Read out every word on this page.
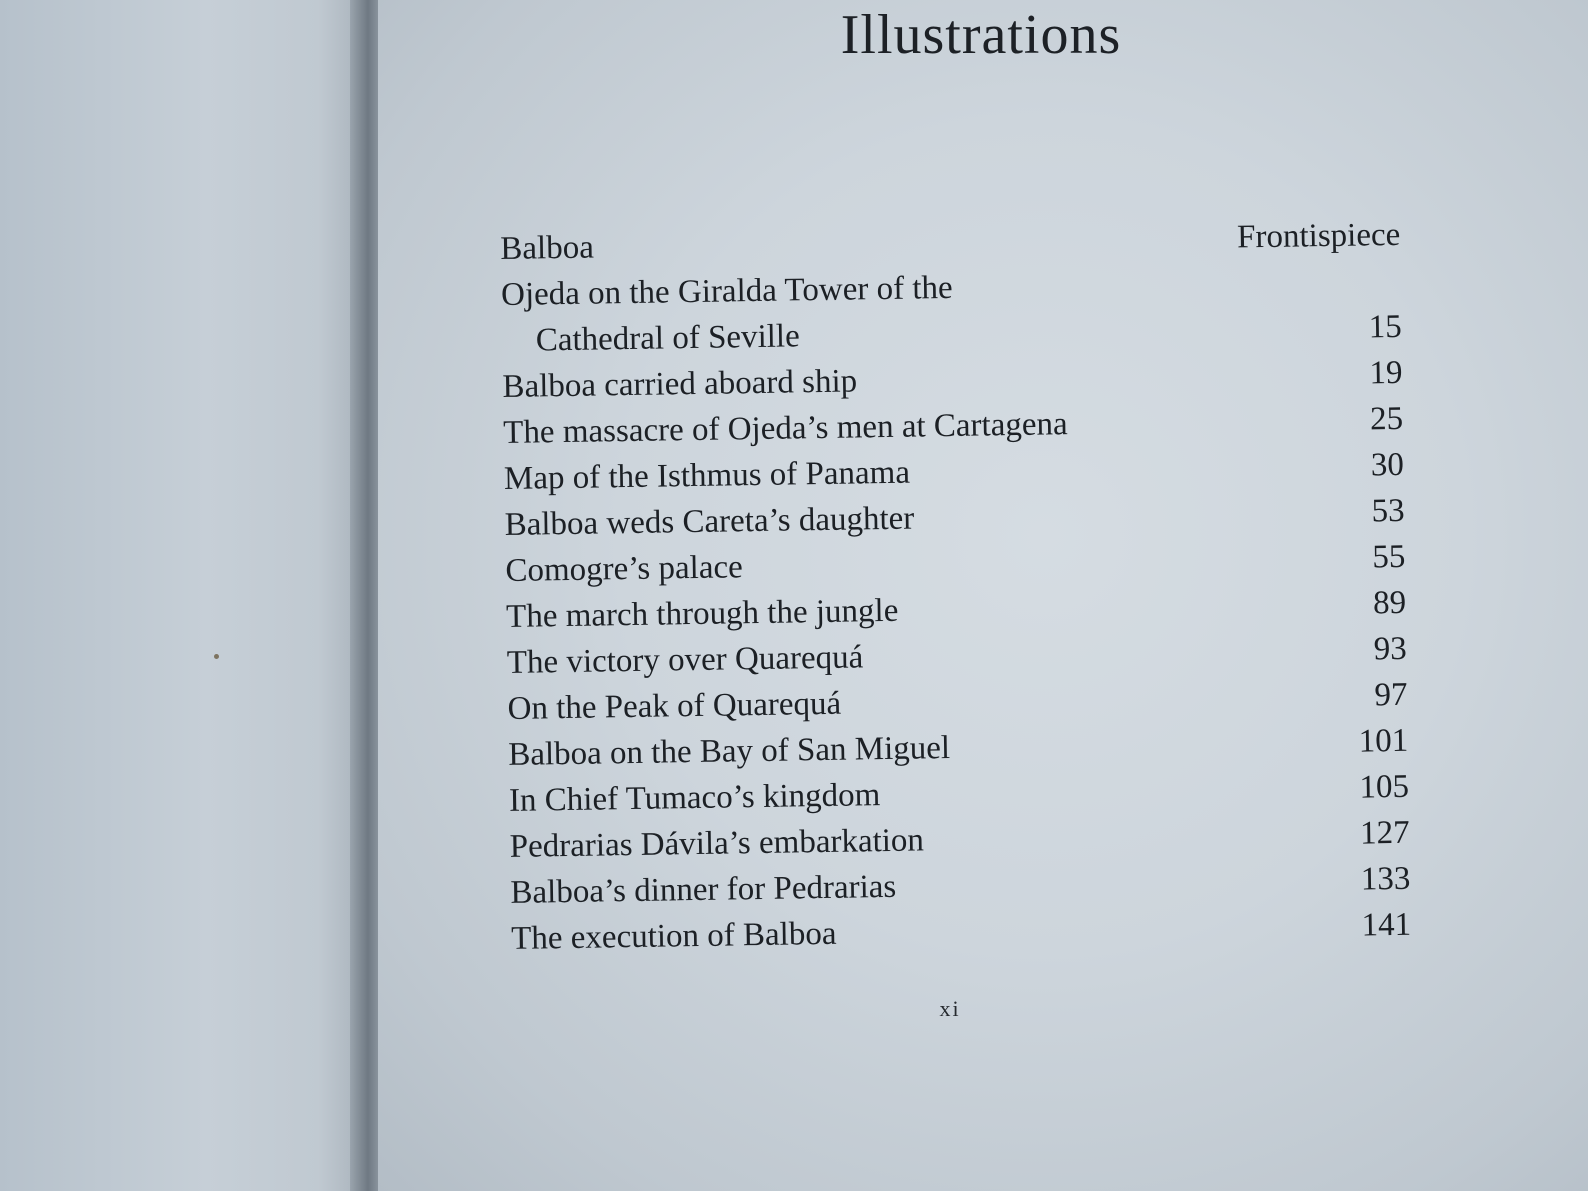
Illustrations
Balboa	Frontispiece
Ojeda on the Giralda Tower of the
Cathedral of Seville	15
Balboa carried aboard ship	19
The massacre of Ojeda’s men at Cartagena	25
Map of the Isthmus of Panama	30
Balboa weds Careta’s daughter	53
Comogre’s palace	55
The march through the jungle	89
The victory over Quarequá	93
On the Peak of Quarequá	97
Balboa on the Bay of San Miguel	101
In Chief Tumaco’s kingdom	105
Pedrarias Dávila’s embarkation	127
Balboa’s dinner for Pedrarias	133
The execution of Balboa	141
xi
